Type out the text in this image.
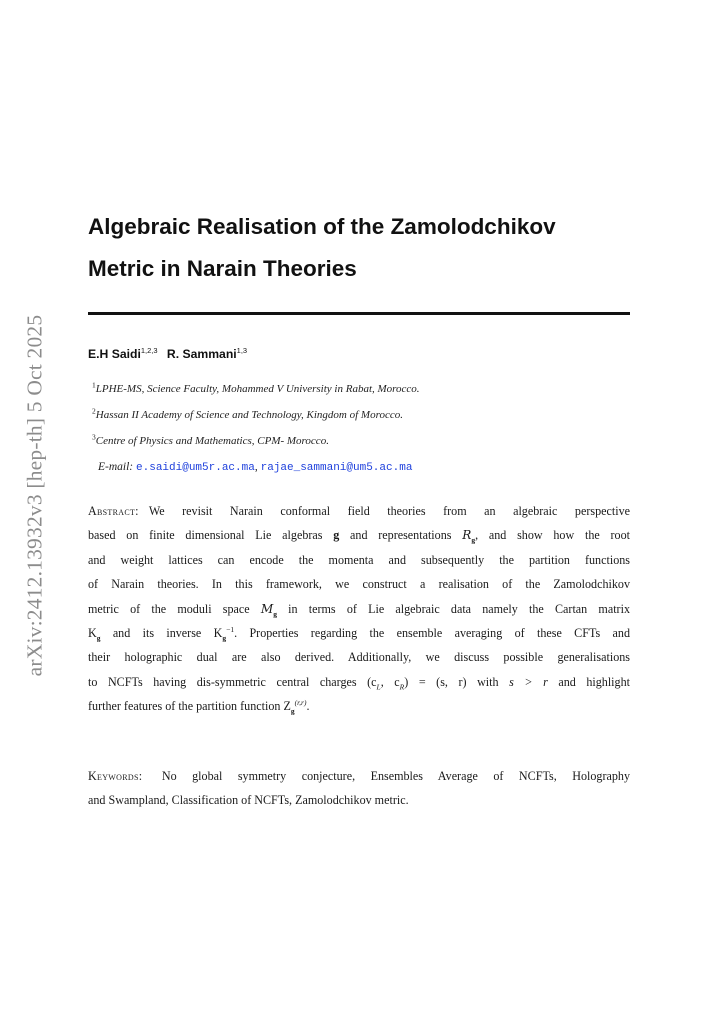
arXiv:2412.13932v3 [hep-th] 5 Oct 2025
Algebraic Realisation of the Zamolodchikov
Metric in Narain Theories
E.H Saidi$^{1,2,3}$ R. Sammani$^{1,3}$
$^1$LPHE-MS, Science Faculty, Mohammed V University in Rabat, Morocco.
$^2$Hassan II Academy of Science and Technology, Kingdom of Morocco.
$^3$Centre of Physics and Mathematics, CPM- Morocco.
E-mail: e.saidi@um5r.ac.ma, rajae_sammani@um5.ac.ma
Abstract: We revisit Narain conformal field theories from an algebraic perspective
based on finite dimensional Lie algebras g and representations $R_g$, and show how the root
and weight lattices can encode the momenta and subsequently the partition functions
of Narain theories. In this framework, we construct a realisation of the Zamolodchikov
metric of the moduli space $M_g$ in terms of Lie algebraic data namely the Cartan matrix
$K_g$ and its inverse $K_g^{-1}$. Properties regarding the ensemble averaging of these CFTs and
their holographic dual are also derived. Additionally, we discuss possible generalisations
to NCFTs having dis-symmetric central charges ($c_L$, $c_R) = (s$, r) with s > r and highlight
further features of the partition function $Z_g^{(r,r)}$.
Keywords: No global symmetry conjecture, Ensembles Average of NCFTs, Holography
and Swampland, Classification of NCFTs, Zamolodchikov metric.
